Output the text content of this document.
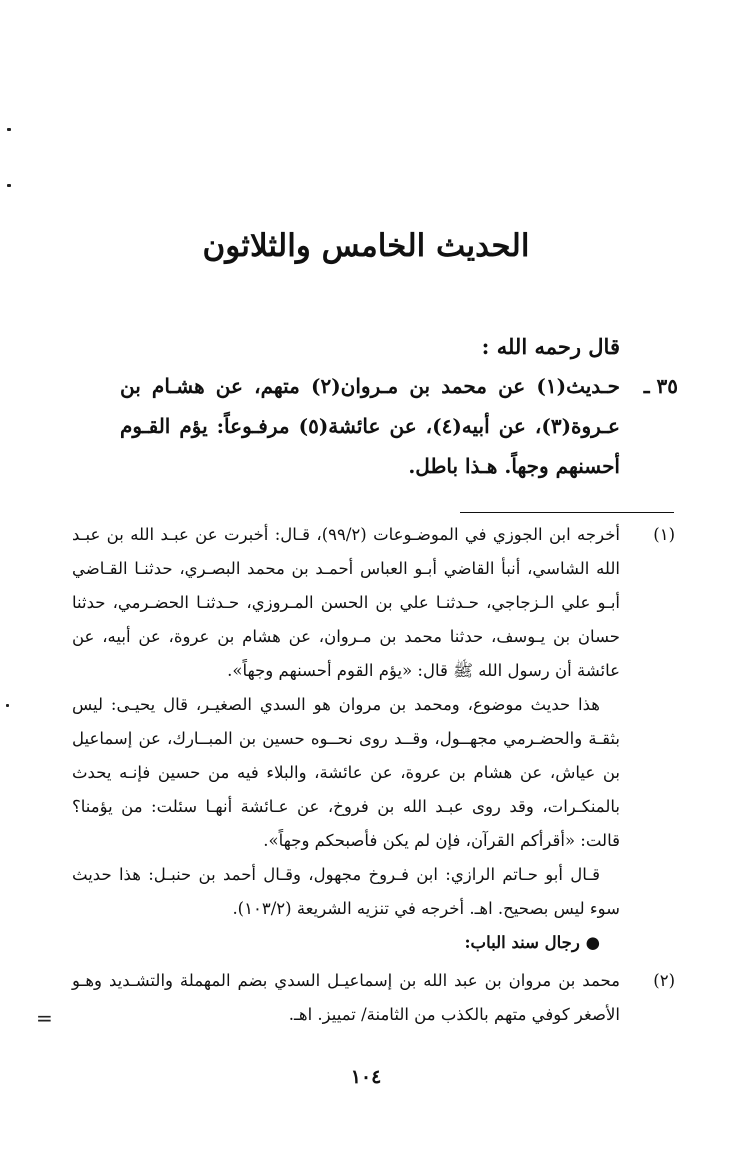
الحديث الخامس والثلاثون
قال رحمه الله :
٣٥ ـ
حـديث(١) عن محمد بن مـروان(٢) متهم، عن هشـام بن عـروة(٣)، عن أبيه(٤)، عن عائشة(٥) مرفـوعاً: يؤم القـوم أحسنهم وجهاً. هـذا باطل.
(١)
أخرجه ابن الجوزي في الموضـوعات (٩٩/٢)، قـال: أخبرت عن عبـد الله بن عبـد الله الشاسي، أنبأ القاضي أبـو العباس أحمـد بن محمد البصـري، حدثنـا القـاضي أبـو علي الـزجاجي، حـدثنـا علي بن الحسن المـروزي، حـدثنـا الحضـرمي، حدثنا حسان بن يـوسف، حدثنا محمد بن مـروان، عن هشام بن عروة، عن أبيه، عن عائشة أن رسول الله ﷺ قال: «يؤم القوم أحسنهم وجهاً».

هذا حديث موضوع، ومحمد بن مروان هو السدي الصغيـر، قال يحيـى: ليس بثقـة والحضـرمي مجهــول، وقــد روى نحــوه حسين بن المبــارك، عن إسماعيل بن عياش، عن هشام بن عروة، عن عائشة، والبلاء فيه من حسين فإنـه يحدث بالمنكـرات، وقد روى عبـد الله بن فروخ، عن عـائشة أنهـا سئلت: من يؤمنا؟ قالت: «أقرأكم القرآن، فإن لم يكن فأصبحكم وجهاً».

قـال أبو حـاتم الرازي: ابن فـروخ مجهول، وقـال أحمد بن حنبـل: هذا حديث سوء ليس بصحيح. اهـ. أخرجه في تنزيه الشريعة (١٠٣/٢).

● رجال سند الباب:

(٢)
محمد بن مروان بن عبد الله بن إسماعيـل السدي بضم المهملة والتشـديد وهـو الأصغر كوفي متهم بالكذب من الثامنة/ تمييز. اهـ.
=
١٠٤
